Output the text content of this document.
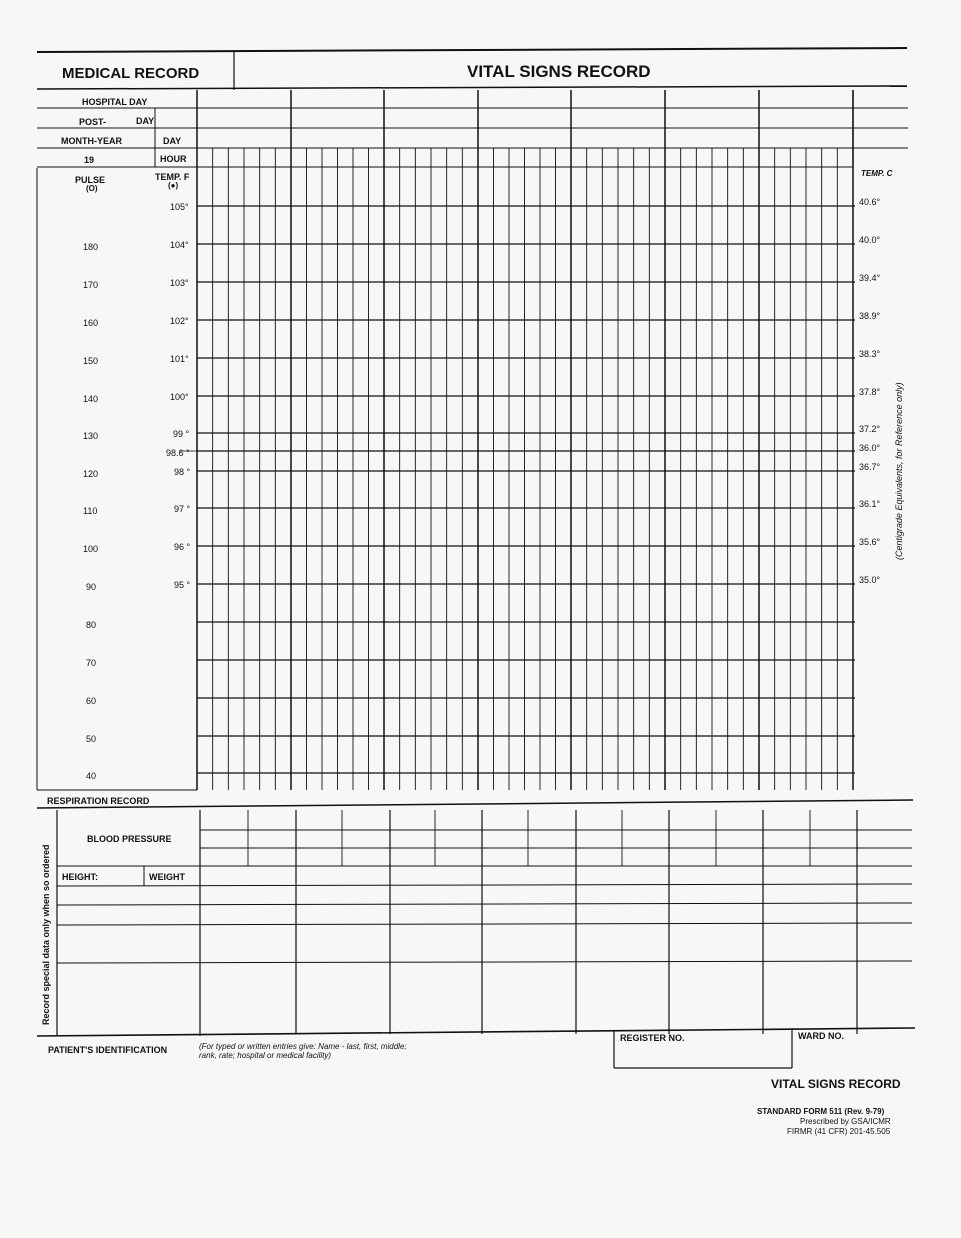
MEDICAL RECORD	VITAL SIGNS RECORD
HOSPITAL DAY
POST-	DAY
MONTH-YEAR	DAY
19	HOUR
PULSE
(O)
TEMP. F
(●)
TEMP. C
180
170
160
150
140
130
120
110
100
90
80
70
60
50
40
105°
104°
103°
102°
101°
100°
99 °
98.6 °
98 °
97 °
96 °
95 °
40.6°
40.0°
39.4°
38.9°
38.3°
37.8°
37.2°
36.0°
36.7°
36.1°
35.6°
35.0°
(Centigrade Equivalents, for Reference only)
Record special data only when so ordered
RESPIRATION RECORD
BLOOD PRESSURE
HEIGHT:	WEIGHT
PATIENT'S IDENTIFICATION	(For typed or written entries give: Name - last, first, middle;
rank, rate; hospital or medical facility)
REGISTER NO.	WARD NO.
VITAL SIGNS RECORD
STANDARD FORM 511 (Rev. 9-79)
Prescribed by GSA/ICMR
FIRMR (41 CFR) 201-45.505
